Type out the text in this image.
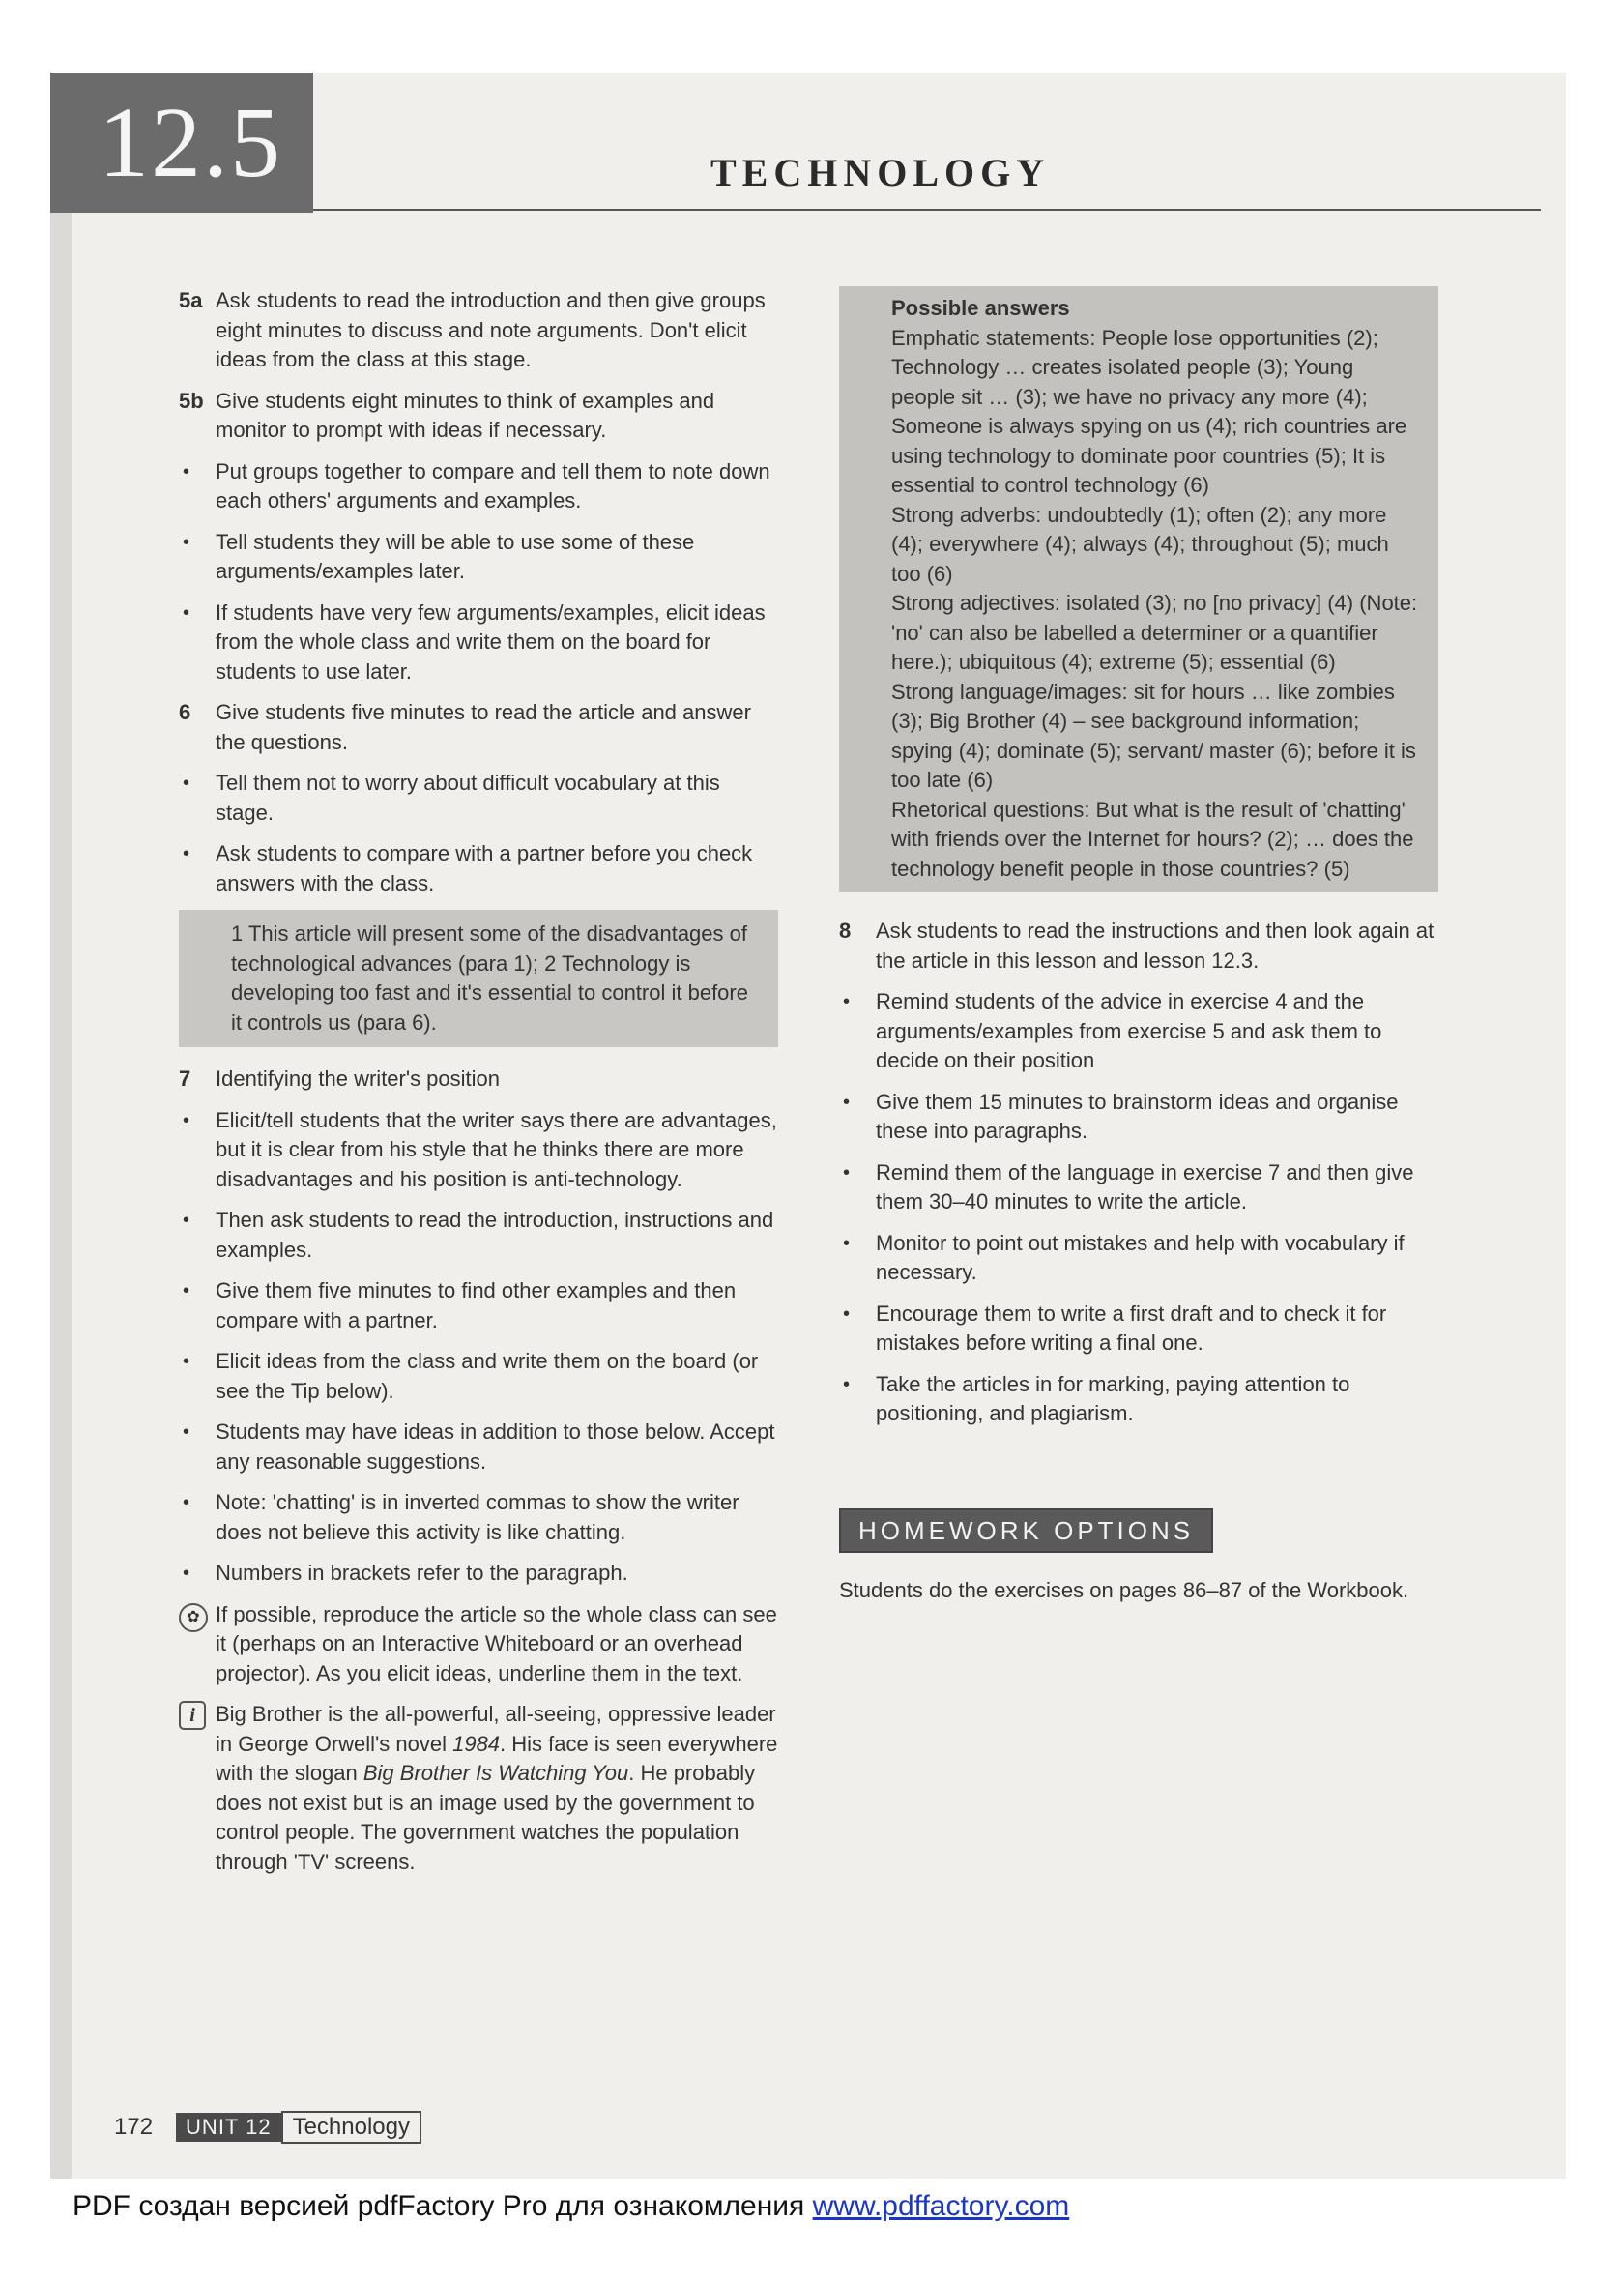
12.5	TECHNOLOGY
5a Ask students to read the introduction and then give groups eight minutes to discuss and note arguments. Don't elicit ideas from the class at this stage.
5b Give students eight minutes to think of examples and monitor to prompt with ideas if necessary.
•	Put groups together to compare and tell them to note down each others' arguments and examples.
•	Tell students they will be able to use some of these arguments/examples later.
•	If students have very few arguments/examples, elicit ideas from the whole class and write them on the board for students to use later.
6	Give students five minutes to read the article and answer the questions.
•	Tell them not to worry about difficult vocabulary at this stage.
•	Ask students to compare with a partner before you check answers with the class.
1 This article will present some of the disadvantages of technological advances (para 1); 2 Technology is developing too fast and it's essential to control it before it controls us (para 6).
7	Identifying the writer's position
•	Elicit/tell students that the writer says there are advantages, but it is clear from his style that he thinks there are more disadvantages and his position is anti-technology.
•	Then ask students to read the introduction, instructions and examples.
•	Give them five minutes to find other examples and then compare with a partner.
•	Elicit ideas from the class and write them on the board (or see the Tip below).
•	Students may have ideas in addition to those below. Accept any reasonable suggestions.
•	Note: 'chatting' is in inverted commas to show the writer does not believe this activity is like chatting.
•	Numbers in brackets refer to the paragraph.
✿ If possible, reproduce the article so the whole class can see it (perhaps on an Interactive Whiteboard or an overhead projector). As you elicit ideas, underline them in the text.
i Big Brother is the all-powerful, all-seeing, oppressive leader in George Orwell's novel 1984. His face is seen everywhere with the slogan Big Brother Is Watching You. He probably does not exist but is an image used by the government to control people. The government watches the population through 'TV' screens.
Possible answers
Emphatic statements: People lose opportunities (2); Technology … creates isolated people (3); Young people sit … (3); we have no privacy any more (4); Someone is always spying on us (4); rich countries are using technology to dominate poor countries (5); It is essential to control technology (6)
Strong adverbs: undoubtedly (1); often (2); any more (4); everywhere (4); always (4); throughout (5); much too (6)
Strong adjectives: isolated (3); no [no privacy] (4) (Note: 'no' can also be labelled a determiner or a quantifier here.); ubiquitous (4); extreme (5); essential (6)
Strong language/images: sit for hours … like zombies (3); Big Brother (4) – see background information; spying (4); dominate (5); servant/ master (6); before it is too late (6)
Rhetorical questions: But what is the result of 'chatting' with friends over the Internet for hours? (2); … does the technology benefit people in those countries? (5)
8	Ask students to read the instructions and then look again at the article in this lesson and lesson 12.3.
•	Remind students of the advice in exercise 4 and the arguments/examples from exercise 5 and ask them to decide on their position
•	Give them 15 minutes to brainstorm ideas and organise these into paragraphs.
•	Remind them of the language in exercise 7 and then give them 30–40 minutes to write the article.
•	Monitor to point out mistakes and help with vocabulary if necessary.
•	Encourage them to write a first draft and to check it for mistakes before writing a final one.
•	Take the articles in for marking, paying attention to positioning, and plagiarism.
HOMEWORK OPTIONS
Students do the exercises on pages 86–87 of the Workbook.
172	UNIT 12 Technology
PDF создан версией pdfFactory Pro для ознакомления www.pdffactory.com
